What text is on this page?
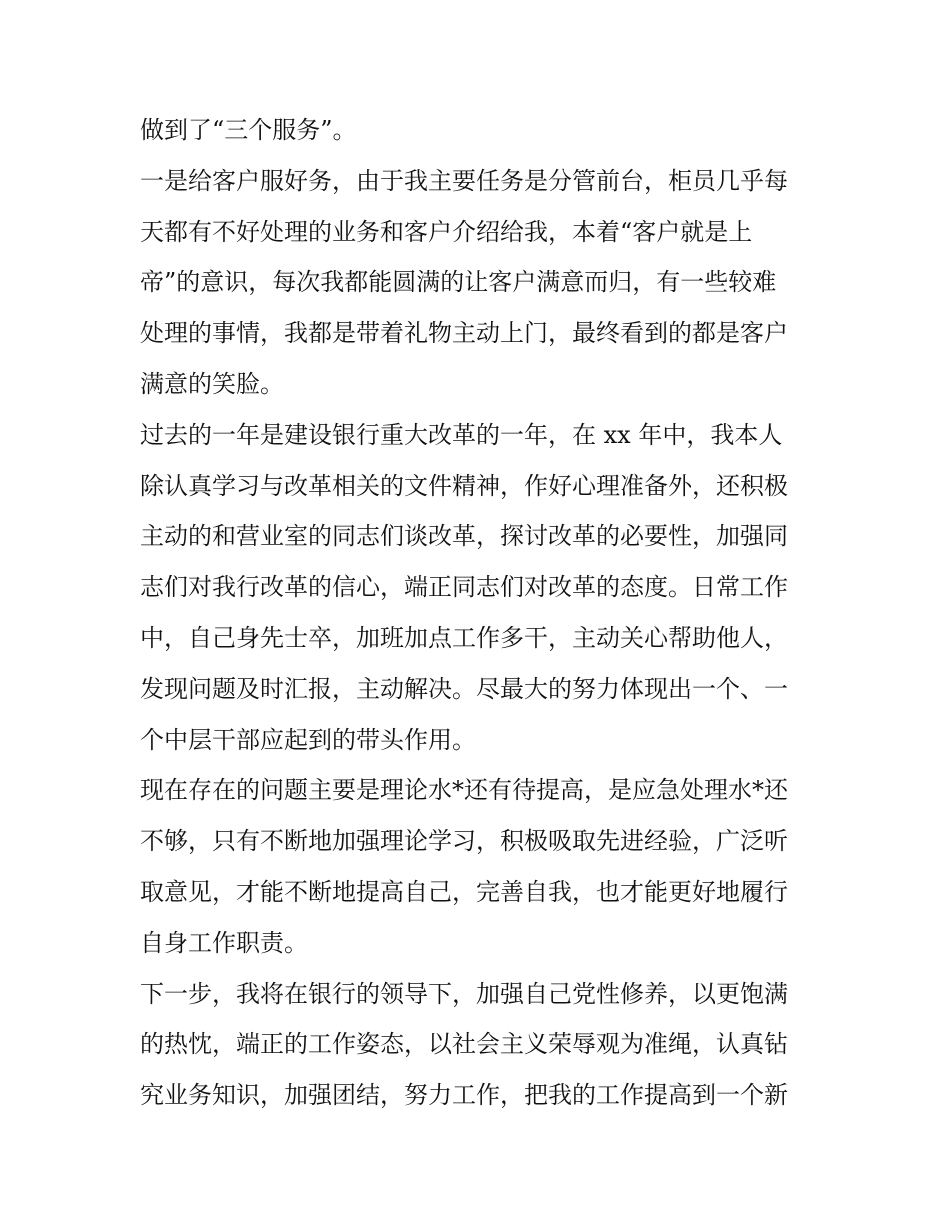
做到了“三个服务”。
一是给客户服好务，由于我主要任务是分管前台，柜员几乎每
天都有不好处理的业务和客户介绍给我，本着“客户就是上
帝”的意识，每次我都能圆满的让客户满意而归，有一些较难
处理的事情，我都是带着礼物主动上门，最终看到的都是客户
满意的笑脸。
过去的一年是建设银行重大改革的一年，在 xx 年中，我本人
除认真学习与改革相关的文件精神，作好心理准备外，还积极
主动的和营业室的同志们谈改革，探讨改革的必要性，加强同
志们对我行改革的信心，端正同志们对改革的态度。日常工作
中，自己身先士卒，加班加点工作多干，主动关心帮助他人，
发现问题及时汇报，主动解决。尽最大的努力体现出一个、一
个中层干部应起到的带头作用。
现在存在的问题主要是理论水*还有待提高，是应急处理水*还
不够，只有不断地加强理论学习，积极吸取先进经验，广泛听
取意见，才能不断地提高自己，完善自我，也才能更好地履行
自身工作职责。
下一步，我将在银行的领导下，加强自己党性修养，以更饱满
的热忱，端正的工作姿态，以社会主义荣辱观为准绳，认真钻
究业务知识，加强团结，努力工作，把我的工作提高到一个新
